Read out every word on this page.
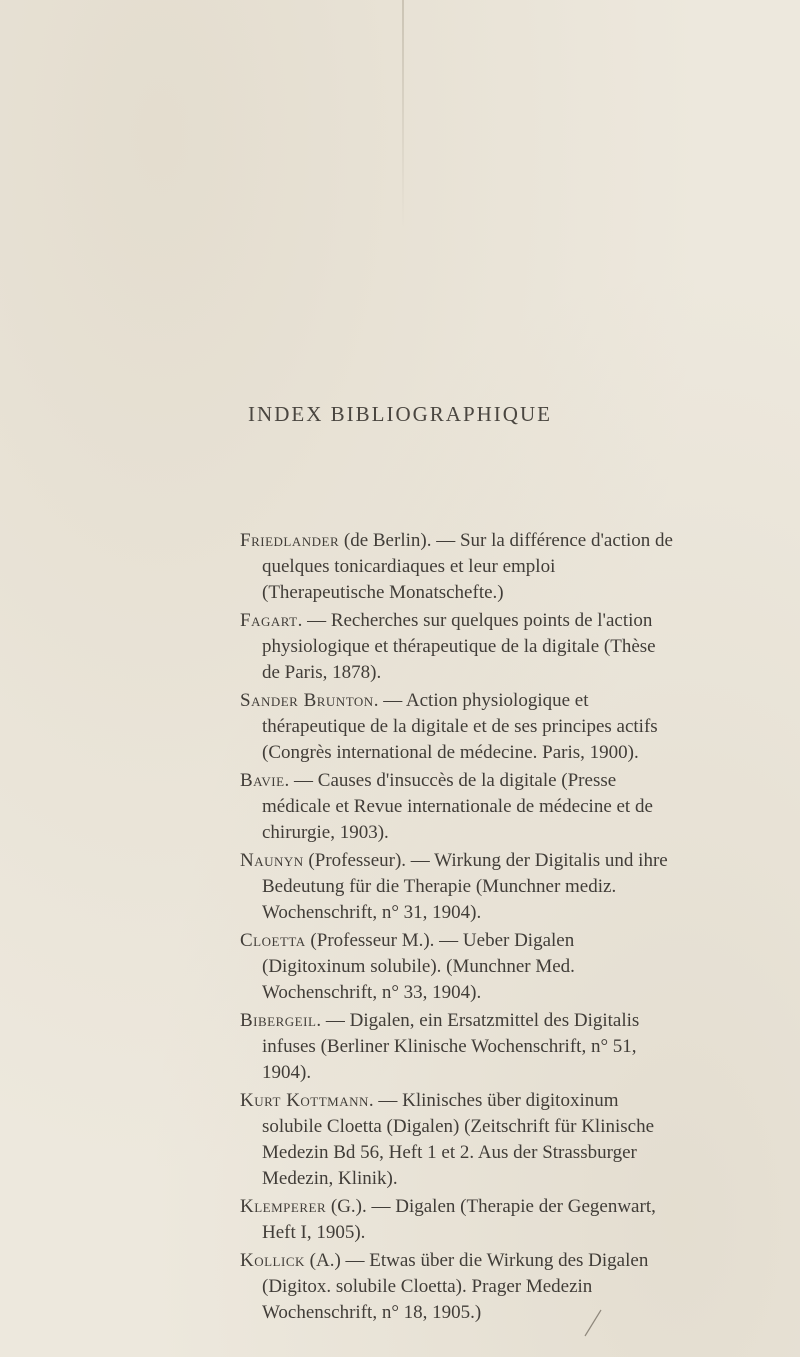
INDEX BIBLIOGRAPHIQUE

Friedlander (de Berlin). — Sur la différence d'action de quelques tonicardiaques et leur emploi (Therapeutische Monatschefte.)

Fagart. — Recherches sur quelques points de l'action physiologique et thérapeutique de la digitale (Thèse de Paris, 1878).

Sander Brunton. — Action physiologique et thérapeutique de la digitale et de ses principes actifs (Congrès international de médecine. Paris, 1900).

Bavie. — Causes d'insuccès de la digitale (Presse médicale et Revue internationale de médecine et de chirurgie, 1903).

Naunyn (Professeur). — Wirkung der Digitalis und ihre Bedeutung für die Therapie (Munchner mediz. Wochenschrift, n° 31, 1904).

Cloetta (Professeur M.). — Ueber Digalen (Digitoxinum solubile). (Munchner Med. Wochenschrift, n° 33, 1904).

Bibergeil. — Digalen, ein Ersatzmittel des Digitalis infuses (Berliner Klinische Wochenschrift, n° 51, 1904).

Kurt Kottmann. — Klinisches über digitoxinum solubile Cloetta (Digalen) (Zeitschrift für Klinische Medezin Bd 56, Heft 1 et 2. Aus der Strassburger Medezin, Klinik).

Klemperer (G.). — Digalen (Therapie der Gegenwart, Heft I, 1905).

Kollick (A.) — Etwas über die Wirkung des Digalen (Digitox. solubile Cloetta). Prager Medezin Wochenschrift, n° 18, 1905.)
